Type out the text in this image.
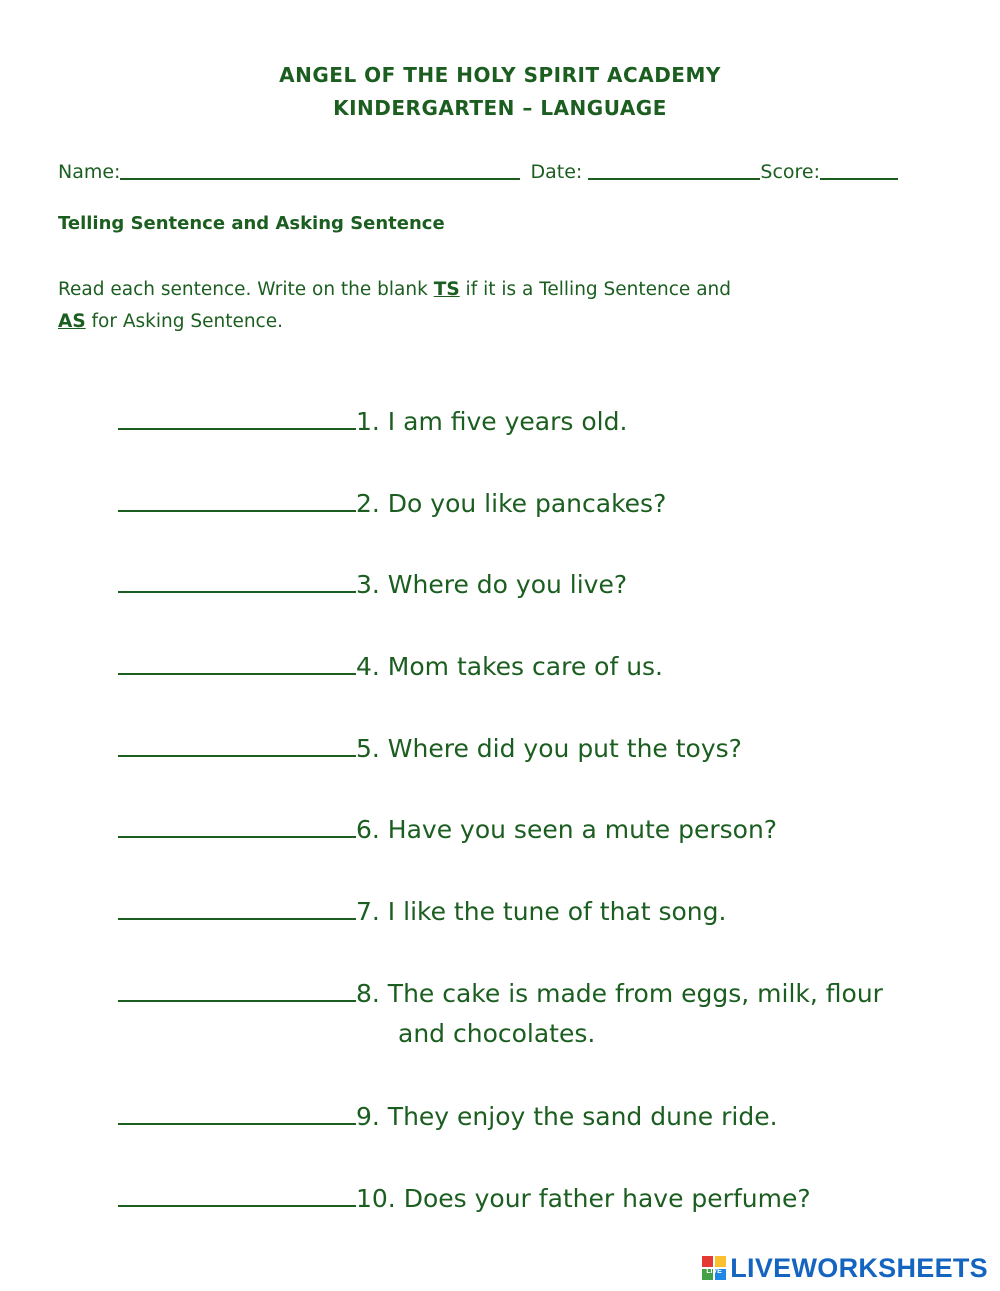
ANGEL OF THE HOLY SPIRIT ACADEMY
KINDERGARTEN – LANGUAGE
Name:	Date:	Score:
Telling Sentence and Asking Sentence
Read each sentence. Write on the blank TS if it is a Telling Sentence and
AS for Asking Sentence.
1. I am five years old.
2. Do you like pancakes?
3. Where do you live?
4. Mom takes care of us.
5. Where did you put the toys?
6. Have you seen a mute person?
7. I like the tune of that song.
8. The cake is made from eggs, milk, flour
and chocolates.
9. They enjoy the sand dune ride.
10. Does your father have perfume?
LIVE LIVEWORKSHEETS
